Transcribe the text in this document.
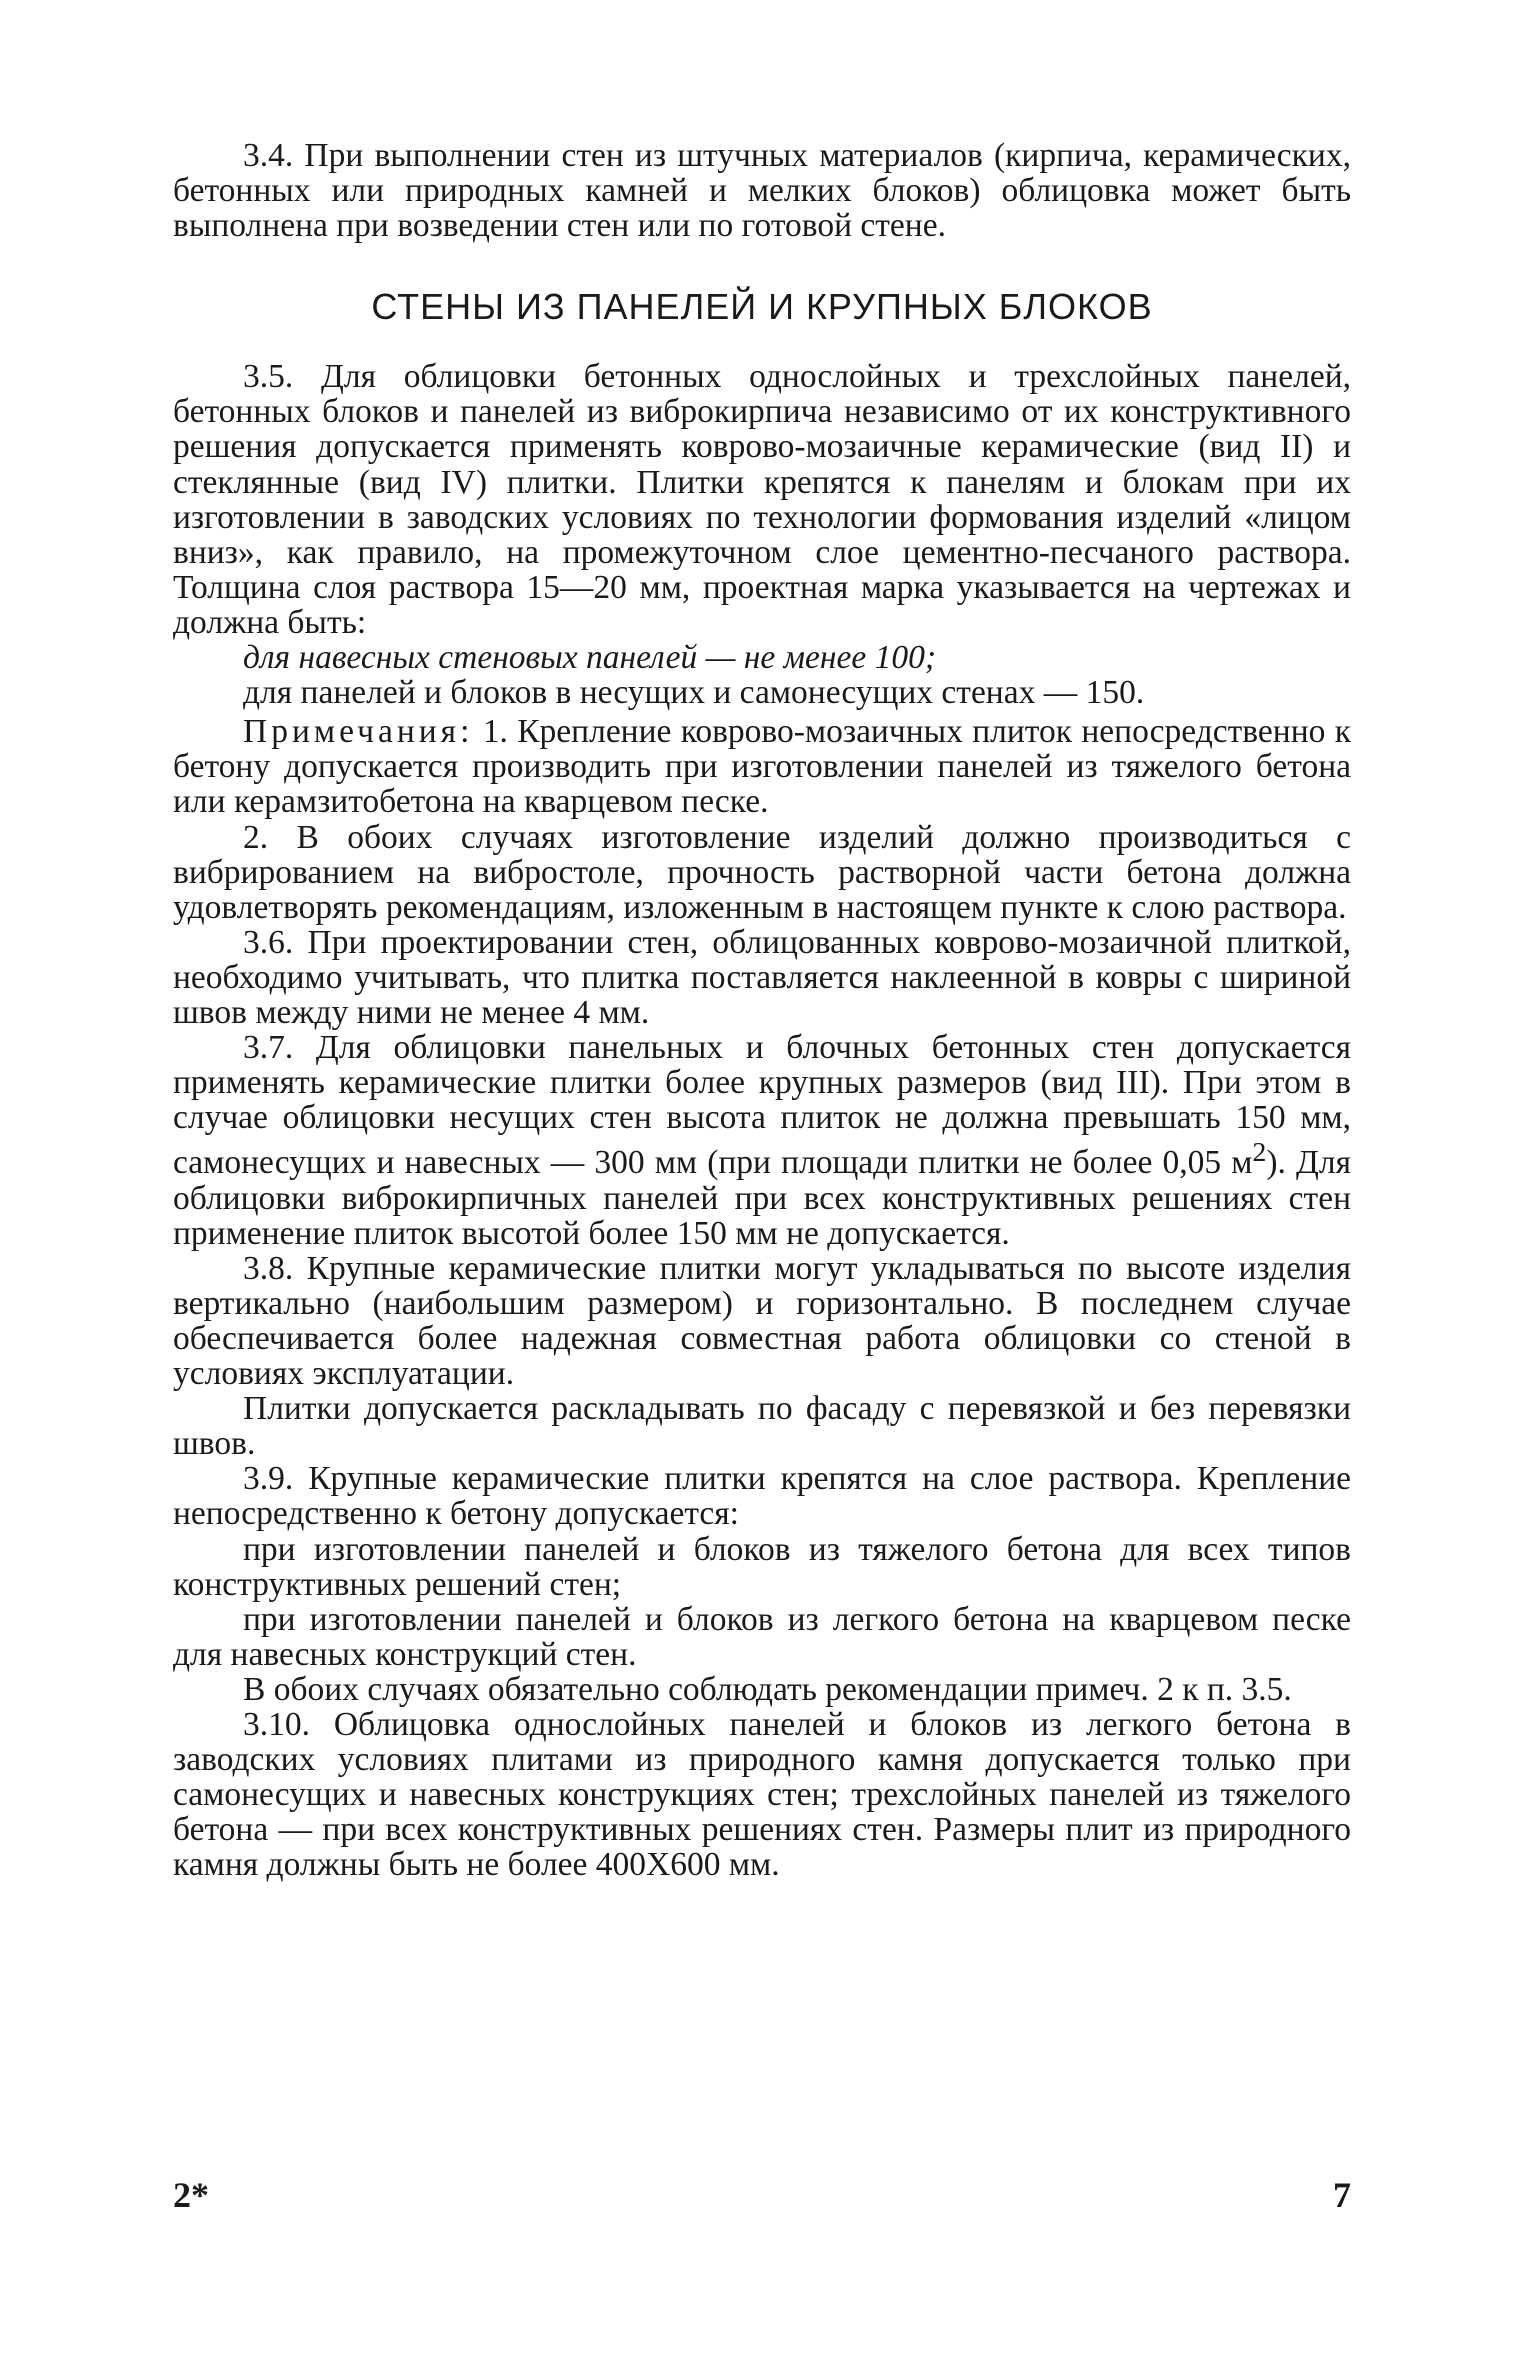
3.4. При выполнении стен из штучных материалов (кирпича, керамических, бетонных или природных камней и мелких блоков) облицовка может быть выполнена при возведении стен или по готовой стене.

СТЕНЫ ИЗ ПАНЕЛЕЙ И КРУПНЫХ БЛОКОВ

3.5. Для облицовки бетонных однослойных и трехслойных панелей, бетонных блоков и панелей из виброкирпича независимо от их конструктивного решения допускается применять коврово-мозаичные керамические (вид II) и стеклянные (вид IV) плитки. Плитки крепятся к панелям и блокам при их изготовлении в заводских условиях по технологии формования изделий «лицом вниз», как правило, на промежуточном слое цементно-песчаного раствора. Толщина слоя раствора 15—20 мм, проектная марка указывается на чертежах и должна быть:

для навесных стеновых панелей — не менее 100;

для панелей и блоков в несущих и самонесущих стенах — 150.

Примечания: 1. Крепление коврово-мозаичных плиток непосредственно к бетону допускается производить при изготовлении панелей из тяжелого бетона или керамзитобетона на кварцевом песке.

2. В обоих случаях изготовление изделий должно производиться с вибрированием на вибростоле, прочность растворной части бетона должна удовлетворять рекомендациям, изложенным в настоящем пункте к слою раствора.

3.6. При проектировании стен, облицованных коврово-мозаичной плиткой, необходимо учитывать, что плитка поставляется наклеенной в ковры с шириной швов между ними не менее 4 мм.

3.7. Для облицовки панельных и блочных бетонных стен допускается применять керамические плитки более крупных размеров (вид III). При этом в случае облицовки несущих стен высота плиток не должна превышать 150 мм, самонесущих и навесных — 300 мм (при площади плитки не более 0,05 $м^2$). Для облицовки виброкирпичных панелей при всех конструктивных решениях стен применение плиток высотой более 150 мм не допускается.

3.8. Крупные керамические плитки могут укладываться по высоте изделия вертикально (наибольшим размером) и горизонтально. В последнем случае обеспечивается более надежная совместная работа облицовки со стеной в условиях эксплуатации.

Плитки допускается раскладывать по фасаду с перевязкой и без перевязки швов.

3.9. Крупные керамические плитки крепятся на слое раствора. Крепление непосредственно к бетону допускается:

при изготовлении панелей и блоков из тяжелого бетона для всех типов конструктивных решений стен;

при изготовлении панелей и блоков из легкого бетона на кварцевом песке для навесных конструкций стен.

В обоих случаях обязательно соблюдать рекомендации примеч. 2 к п. 3.5.

3.10. Облицовка однослойных панелей и блоков из легкого бетона в заводских условиях плитами из природного камня допускается только при самонесущих и навесных конструкциях стен; трехслойных панелей из тяжелого бетона — при всех конструктивных решениях стен. Размеры плит из природного камня должны быть не более 400Х600 мм.

2*	7
